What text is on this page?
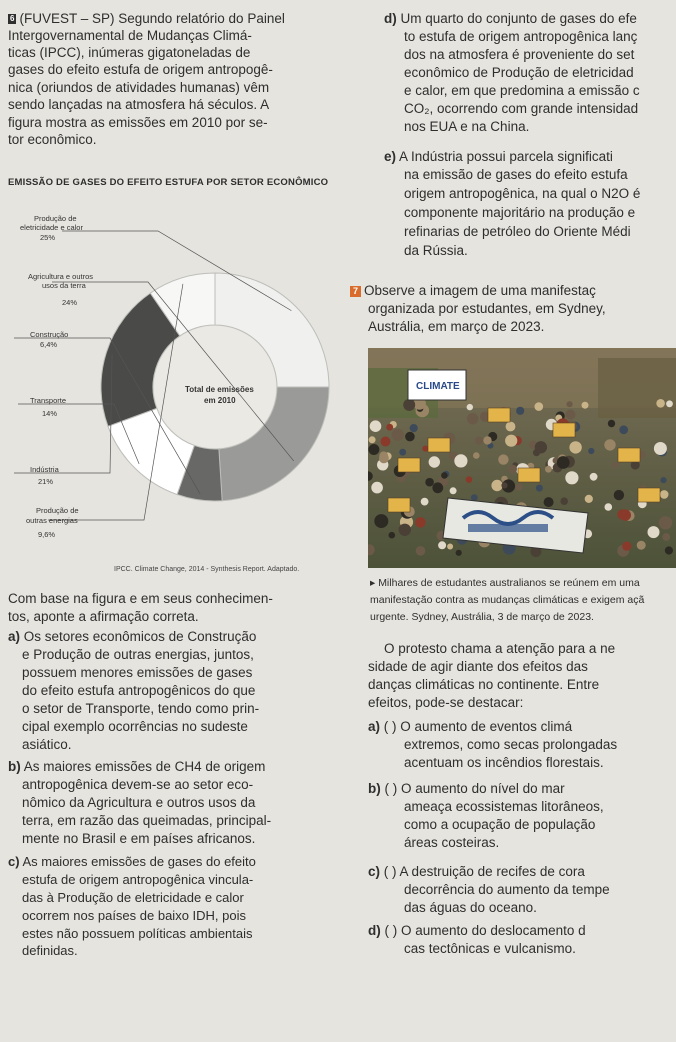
6 (FUVEST – SP) Segundo relatório do Painel
Intergovernamental de Mudanças Climá-
ticas (IPCC), inúmeras gigatoneladas de
gases do efeito estufa de origem antropogê-
nica (oriundos de atividades humanas) vêm
sendo lançadas na atmosfera há séculos. A
figura mostra as emissões em 2010 por se-
tor econômico.
EMISSÃO DE GASES DO EFEITO ESTUFA POR SETOR ECONÔMICO
Produção de
eletricidade e calor
25%
Agricultura e outros
usos da terra
24%
Construção
6,4%
Transporte
14%
Indústria
21%
Produção de
outras energias
9,6%
Total de emissões
em 2010
IPCC. Climate Change, 2014 - Synthesis Report. Adaptado.
Com base na figura e em seus conhecimen-
tos, aponte a afirmação correta.
a) Os setores econômicos de Construção
e Produção de outras energias, juntos,
possuem menores emissões de gases
do efeito estufa antropogênicos do que
o setor de Transporte, tendo como prin-
cipal exemplo ocorrências no sudeste
asiático.
b) As maiores emissões de CH4 de origem
antropogênica devem-se ao setor eco-
nômico da Agricultura e outros usos da
terra, em razão das queimadas, principal-
mente no Brasil e em países africanos.
c) As maiores emissões de gases do efeito
estufa de origem antropogênica vincula-
das à Produção de eletricidade e calor
ocorrem nos países de baixo IDH, pois
estes não possuem políticas ambientais
definidas.
d) Um quarto do conjunto de gases do efe
to estufa de origem antropogênica lanç
dos na atmosfera é proveniente do set
econômico de Produção de eletricidad
e calor, em que predomina a emissão c
CO₂, ocorrendo com grande intensidad
nos EUA e na China.
e) A Indústria possui parcela significati
na emissão de gases do efeito estufa
origem antropogênica, na qual o N2O é
componente majoritário na produção e
refinarias de petróleo do Oriente Médi
da Rússia.
7 Observe a imagem de uma manifestaç
organizada por estudantes, em Sydney,
Austrália, em março de 2023.
CLIMATE
▸ Milhares de estudantes australianos se reúnem em uma
manifestação contra as mudanças climáticas e exigem açã
urgente. Sydney, Austrália, 3 de março de 2023.
O protesto chama a atenção para a ne
sidade de agir diante dos efeitos das
danças climáticas no continente. Entre
efeitos, pode-se destacar:
a) ( ) O aumento de eventos climá
extremos, como secas prolongadas
acentuam os incêndios florestais.
b) ( ) O aumento do nível do mar
ameaça ecossistemas litorâneos,
como a ocupação de população
áreas costeiras.
c) ( ) A destruição de recifes de cora
decorrência do aumento da tempe
das águas do oceano.
d) ( ) O aumento do deslocamento d
cas tectônicas e vulcanismo.
